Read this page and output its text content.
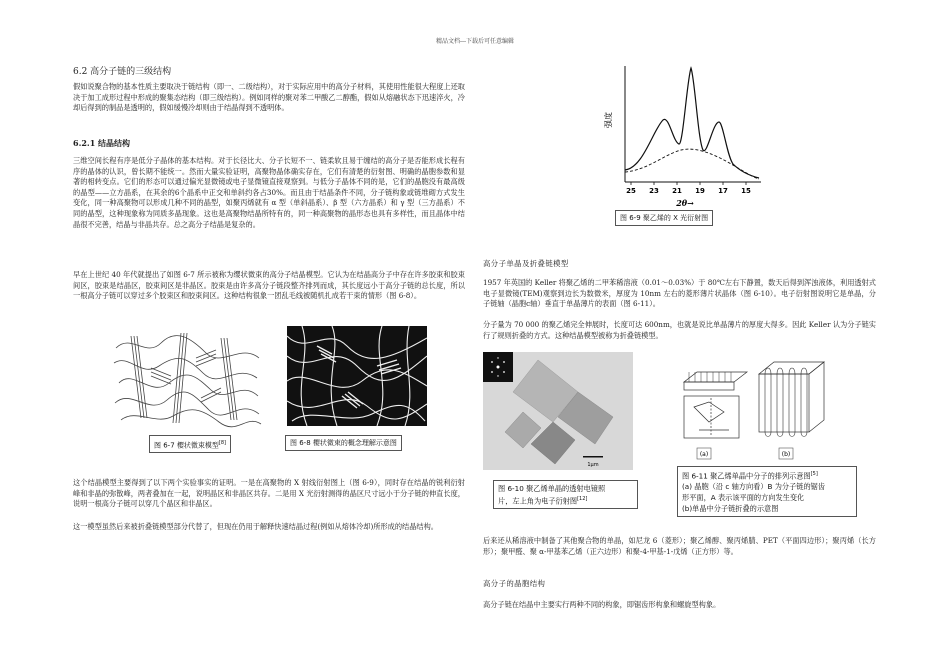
精品文档---下载后可任意编辑
6.2 高分子链的三级结构

假如说聚合物的基本性质主要取决于链结构（即一、二级结构），对于实际应用中的高分子材料，其使用性能很大程度上还取决于加工成形过程中形成的聚集态结构（即三级结构）。例如同样的聚对苯二甲酸乙二醇酯，假如从熔融状态下迅速淬火，冷却后得到的制品是透明的，假如缓慢冷却则由于结晶得到不透明体。

6.2.1 结晶结构

三维空间长程有序是低分子晶体的基本结构。对于长径比大、分子长短不一、链柔软且易于缠结的高分子是否能形成长程有序的晶体的认识，曾长期不能统一。然而大量实验证明，高聚物晶体确实存在，它们有清楚的衍射图、明确的晶胞参数和显著的相转变点。它们的形态可以通过偏光显微镜或电子显微镜直接观察到。与低分子晶体不同的是，它们的晶胞没有最高级的晶型——立方晶系，在其余的6个晶系中正交和单斜约各占30%。而且由于结晶条件不同，分子链构象或链堆砌方式发生变化，同一种高聚物可以形成几种不同的晶型，如聚丙烯就有 α 型（单斜晶系）、β 型（六方晶系）和 γ 型（三方晶系）不同的晶型，这种现象称为同质多晶现象。这也是高聚物结晶所特有的，同一种高聚物的晶形态也具有多样性，而且晶体中结晶很不完善，结晶与非晶共存。总之高分子结晶是复杂的。

早在上世纪 40 年代就提出了如图 6-7 所示被称为缨状微束的高分子结晶模型。它认为在结晶高分子中存在许多胶束和胶束间区，胶束是结晶区，胶束间区是非晶区。胶束是由许多高分子链段整齐排列而成，其长度远小于高分子链的总长度，所以一根高分子链可以穿过多个胶束区和胶束间区。这种结构很象一团乱毛线被随机扎成若干束的情形（图 6-8）。

图 6-7 樱状微束模型[8]	图 6-8 樱状微束的概念理解示意图

这个结晶模型主要得到了以下两个实验事实的证明。一是在高聚物的 X 射线衍射图上（图 6-9），同时存在结晶的锐利衍射峰和非晶的弥散峰，两者叠加在一起，说明晶区和非晶区共存。二是用 X 光衍射测得的晶区尺寸远小于分子链的伸直长度，说明一根高分子链可以穿几个晶区和非晶区。

这一模型虽然后来被折叠链模型部分代替了，但现在仍用于解释快速结晶过程(例如从熔体冷却)所形成的结晶结构。

强度
25 23 21 19 17 15
2θ→
图 6-9 聚乙烯的 X 光衍射图

高分子单晶及折叠链模型

1957 年英国的 Keller 将聚乙烯的二甲苯稀溶液（0.01～0.03%）于 80℃左右下静置，数天后得到浑浊液体，利用透射式电子显微镜(TEM)观察到边长为数微米，厚度为 10nm 左右的菱形薄片状晶体（图 6-10）。电子衍射图说明它是单晶，分子链轴（晶胞c轴）垂直于单晶薄片的表面（图 6-11）。

分子量为 70 000 的聚乙烯完全伸展时，长度可达 600nm，也就是说比单晶薄片的厚度大得多。因此 Keller 认为分子链实行了规则折叠的方式。这种结晶模型被称为折叠链模型。

1μm
图 6-10 聚乙烯单晶的透射电镜照
片，左上角为电子衍射图[12]
(a)	(b)
图 6-11 聚乙烯单晶中分子的排列示意图[5]
(a) 晶胞（沿 c 轴方向看）B 为分子链的锯齿
形平面，A 表示该平面的方向发生变化
(b)单晶中分子链折叠的示意图

后来还从稀溶液中制备了其他聚合物的单晶，如尼龙 6（菱形）；聚乙烯醇、聚丙烯腈、PET（平面四边形）；聚丙烯（长方形）；聚甲醛、聚 α-甲基苯乙烯（正六边形）和聚-4-甲基-1-戊烯（正方形）等。

高分子的晶胞结构

高分子链在结晶中主要实行两种不同的构象，即锯齿形构象和螺旋型构象。
